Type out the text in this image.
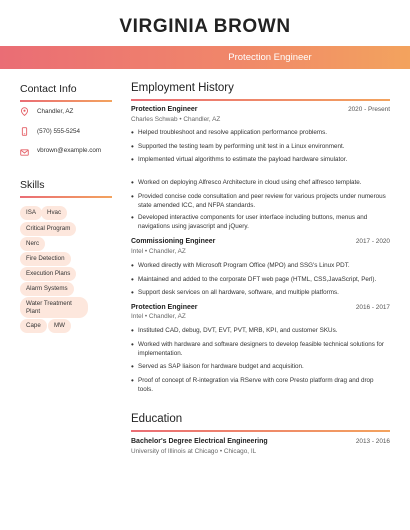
VIRGINIA BROWN
Protection Engineer
Contact Info
Chandler, AZ
(570) 555-5254
vbrown@example.com
Skills
ISA	Hvac
Critical Program
Nerc
Fire Detection
Execution Plans
Alarm Systems
Water Treatment Plant
Cape	MW
Employment History
Protection Engineer	2020 - Present
Charles Schwab • Chandler, AZ
• Helped troubleshoot and resolve application performance problems.
• Supported the testing team by performing unit test in a Linux environment.
• Implemented virtual algorithms to estimate the payload hardware simulator.
• Worked on deploying Alfresco Architecture in cloud using chef alfresco template.
• Provided concise code consultation and peer review for various projects under numerous state amended ICC, and NFPA standards.
• Developed interactive components for user interface including buttons, menus and navigations using javascript and jQuery.
Commissioning Engineer	2017 - 2020
Intel • Chandler, AZ
• Worked directly with Microsoft Program Office (MPO) and SSG's Linux PDT.
• Maintained and added to the corporate DFT web page (HTML, CSS,JavaScript, Perl).
• Support desk services on all hardware, software, and multiple platforms.
Protection Engineer	2016 - 2017
Intel • Chandler, AZ
• Instituted CAD, debug, DVT, EVT, PVT, MRB, KPI, and customer SKUs.
• Worked with hardware and software designers to develop feasible technical solutions for implementation.
• Served as SAP liaison for hardware budget and acquisition.
• Proof of concept of R-integration via RServe with core Presto platform drag and drop tools.
Education
Bachelor's Degree Electrical Engineering	2013 - 2016
University of Illinois at Chicago • Chicago, IL
